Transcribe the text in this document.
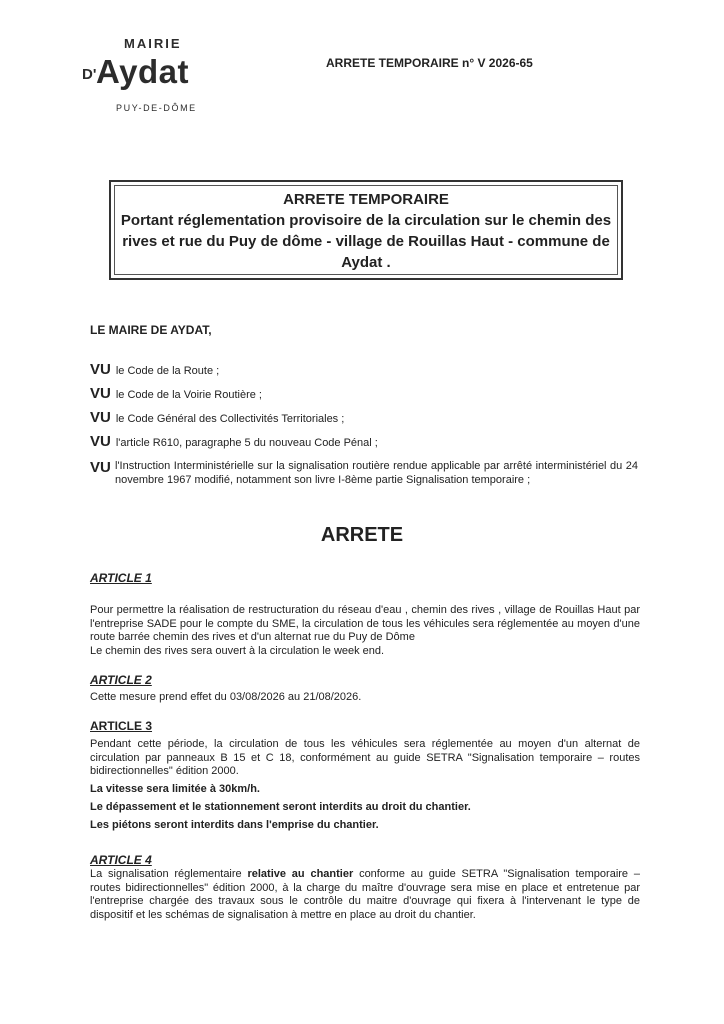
MAIRIE
D' Aydat
PUY-DE-DÔME
ARRETE TEMPORAIRE n° V 2026-65
ARRETE TEMPORAIRE
Portant réglementation provisoire de la circulation sur le chemin des rives et rue du Puy de dôme - village de Rouillas Haut - commune de Aydat .
LE MAIRE DE AYDAT,
VU le Code de la Route ;
VU le Code de la Voirie Routière ;
VU le Code Général des Collectivités Territoriales ;
VU l'article R610, paragraphe 5 du nouveau Code Pénal ;
VU l'Instruction Interministérielle sur la signalisation routière rendue applicable par arrêté interministériel du 24 novembre 1967 modifié, notamment son livre I-8ème partie Signalisation temporaire ;
ARRETE
ARTICLE 1
Pour permettre la réalisation de restructuration du réseau d'eau , chemin des rives , village de Rouillas Haut par l'entreprise SADE pour le compte du SME, la circulation de tous les véhicules sera réglementée au moyen d'une route barrée chemin des rives et d'un alternat rue du Puy de Dôme
Le chemin des rives sera ouvert à la circulation le week end.
ARTICLE 2
Cette mesure prend effet du 03/08/2026 au 21/08/2026.
ARTICLE 3
Pendant cette période, la circulation de tous les véhicules sera réglementée au moyen d'un alternat de circulation par panneaux B 15 et C 18, conformément au guide SETRA "Signalisation temporaire – routes bidirectionnelles" édition 2000.
La vitesse sera limitée à 30km/h.
Le dépassement et le stationnement seront interdits au droit du chantier.
Les piétons seront interdits dans l'emprise du chantier.
ARTICLE 4
La signalisation réglementaire relative au chantier conforme au guide SETRA "Signalisation temporaire – routes bidirectionnelles" édition 2000, à la charge du maître d'ouvrage sera mise en place et entretenue par l'entreprise chargée des travaux sous le contrôle du maitre d'ouvrage qui fixera à l'intervenant le type de dispositif et les schémas de signalisation à mettre en place au droit du chantier.
